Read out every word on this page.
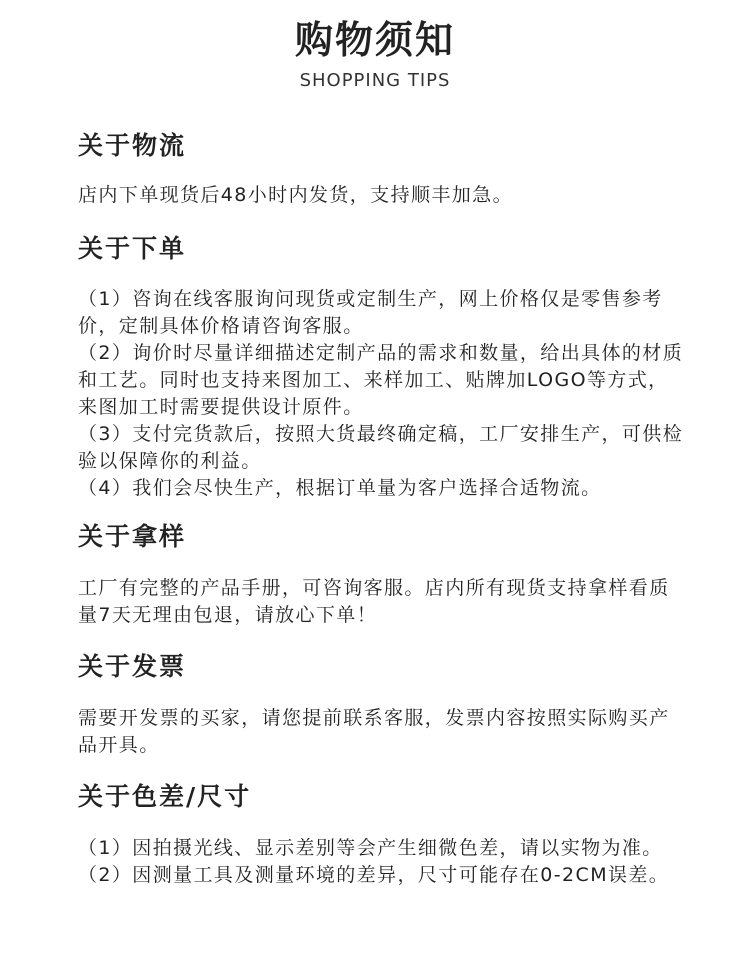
购物须知
SHOPPING TIPS
关于物流

店内下单现货后48小时内发货，支持顺丰加急。

关于下单

（1）咨询在线客服询问现货或定制生产，网上价格仅是零售参考价，定制具体价格请咨询客服。

（2）询价时尽量详细描述定制产品的需求和数量，给出具体的材质和工艺。同时也支持来图加工、来样加工、贴牌加LOGO等方式，来图加工时需要提供设计原件。

（3）支付完货款后，按照大货最终确定稿，工厂安排生产，可供检验以保障你的利益。

（4）我们会尽快生产，根据订单量为客户选择合适物流。

关于拿样

工厂有完整的产品手册，可咨询客服。店内所有现货支持拿样看质量7天无理由包退，请放心下单！

关于发票

需要开发票的买家，请您提前联系客服，发票内容按照实际购买产品开具。

关于色差/尺寸

（1）因拍摄光线、显示差别等会产生细微色差，请以实物为准。

（2）因测量工具及测量环境的差异，尺寸可能存在0-2CM误差。
